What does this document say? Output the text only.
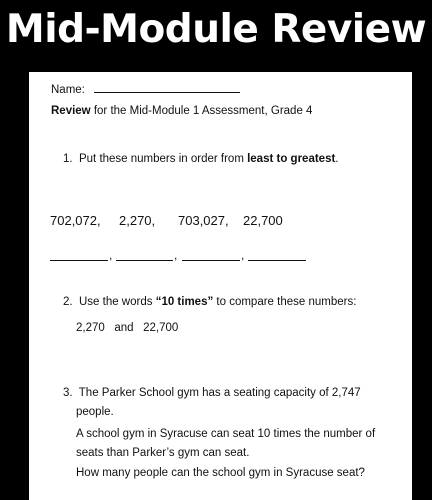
Mid-Module Review
Name:
Review for the Mid-Module 1 Assessment, Grade 4
1. Put these numbers in order from least to greatest.
702,072, 2,270, 703,027, 22,700
,	,	,
2. Use the words “10 times” to compare these numbers:
2,270   and   22,700
3. The Parker School gym has a seating capacity of 2,747
people.
A school gym in Syracuse can seat 10 times the number of
seats than Parker’s gym can seat.
How many people can the school gym in Syracuse seat?
